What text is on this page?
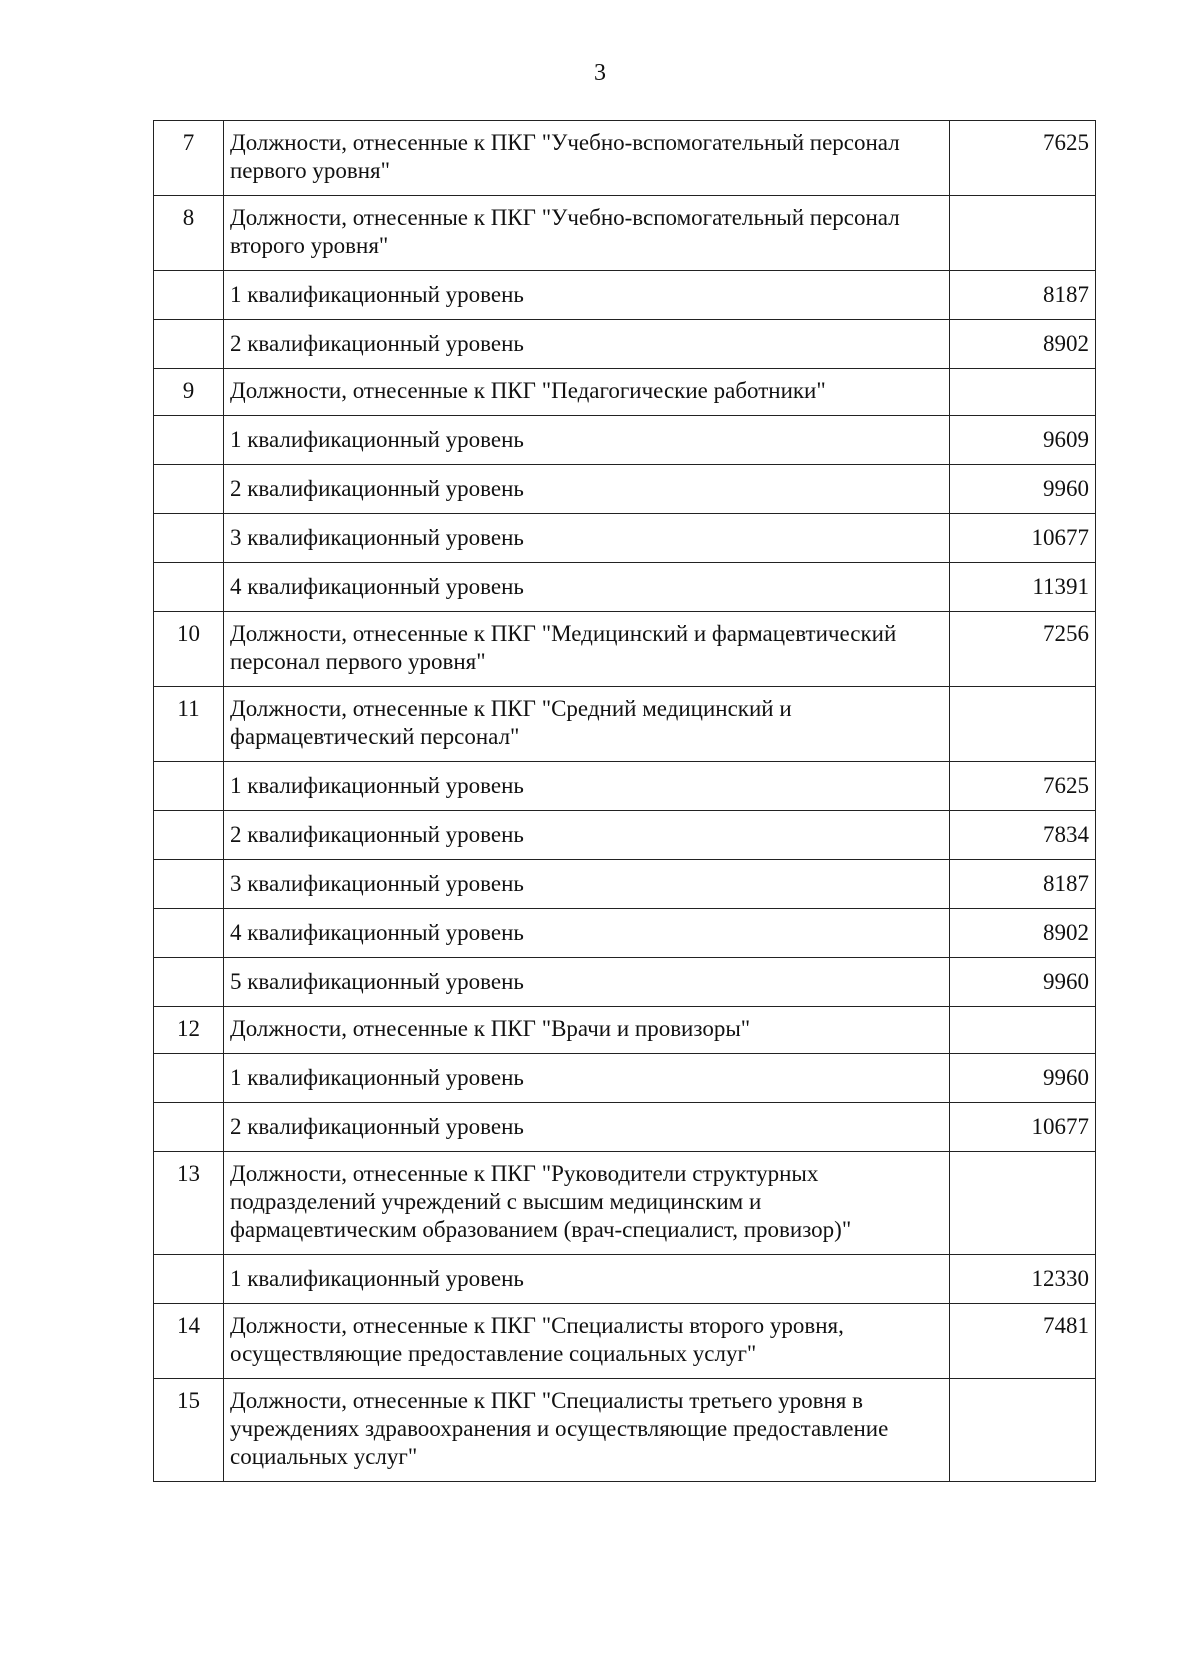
3
7	Должности, отнесенные к ПКГ "Учебно-вспомогательный персонал первого уровня"	7625
8	Должности, отнесенные к ПКГ "Учебно-вспомогательный персонал второго уровня"	
	1 квалификационный уровень	8187
	2 квалификационный уровень	8902
9	Должности, отнесенные к ПКГ "Педагогические работники"	
	1 квалификационный уровень	9609
	2 квалификационный уровень	9960
	3 квалификационный уровень	10677
	4 квалификационный уровень	11391
10	Должности, отнесенные к ПКГ "Медицинский и фармацевтический персонал первого уровня"	7256
11	Должности, отнесенные к ПКГ "Средний медицинский и фармацевтический персонал"	
	1 квалификационный уровень	7625
	2 квалификационный уровень	7834
	3 квалификационный уровень	8187
	4 квалификационный уровень	8902
	5 квалификационный уровень	9960
12	Должности, отнесенные к ПКГ "Врачи и провизоры"	
	1 квалификационный уровень	9960
	2 квалификационный уровень	10677
13	Должности, отнесенные к ПКГ "Руководители структурных подразделений учреждений с высшим медицинским и фармацевтическим образованием (врач-специалист, провизор)"	
	1 квалификационный уровень	12330
14	Должности, отнесенные к ПКГ "Специалисты второго уровня, осуществляющие предоставление социальных услуг"	7481
15	Должности, отнесенные к ПКГ "Специалисты третьего уровня в учреждениях здравоохранения и осуществляющие предоставление социальных услуг"	
